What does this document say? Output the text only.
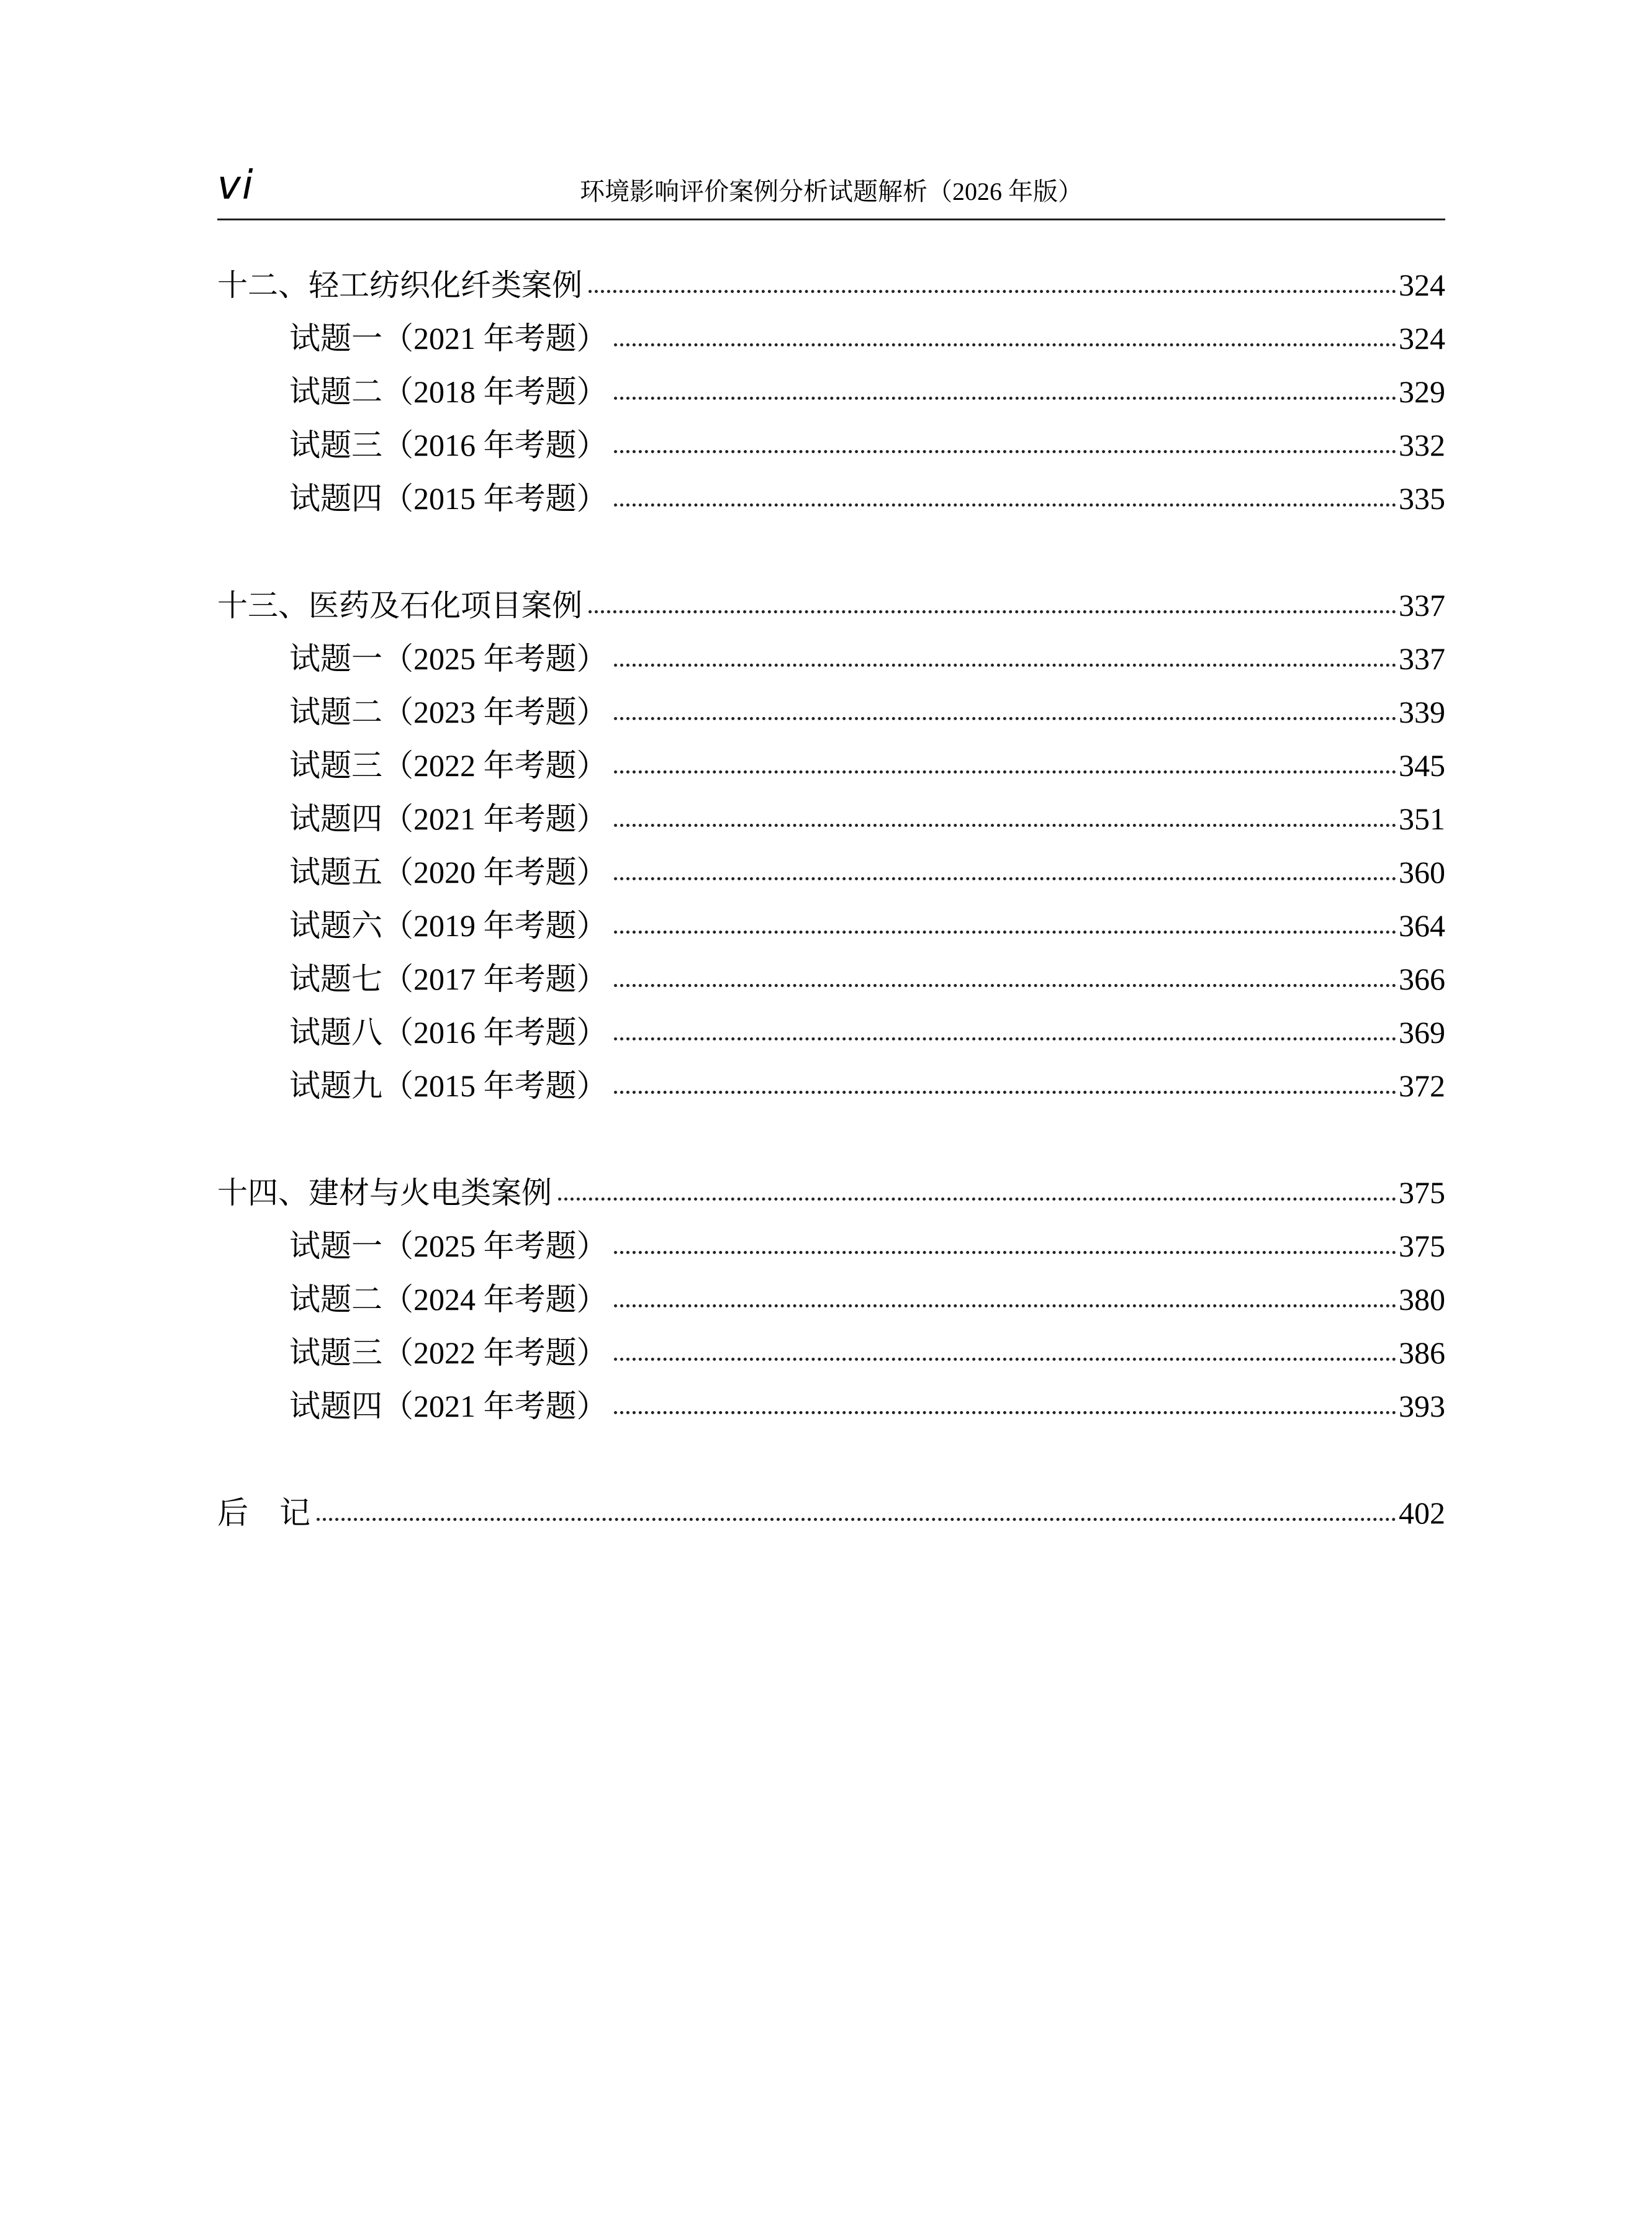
vi	环境影响评价案例分析试题解析（2026 年版）
十二、轻工纺织化纤类案例	324
试题一（2021 年考题）	324
试题二（2018 年考题）	329
试题三（2016 年考题）	332
试题四（2015 年考题）	335
十三、医药及石化项目案例	337
试题一（2025 年考题）	337
试题二（2023 年考题）	339
试题三（2022 年考题）	345
试题四（2021 年考题）	351
试题五（2020 年考题）	360
试题六（2019 年考题）	364
试题七（2017 年考题）	366
试题八（2016 年考题）	369
试题九（2015 年考题）	372
十四、建材与火电类案例	375
试题一（2025 年考题）	375
试题二（2024 年考题）	380
试题三（2022 年考题）	386
试题四（2021 年考题）	393
后　记	402
